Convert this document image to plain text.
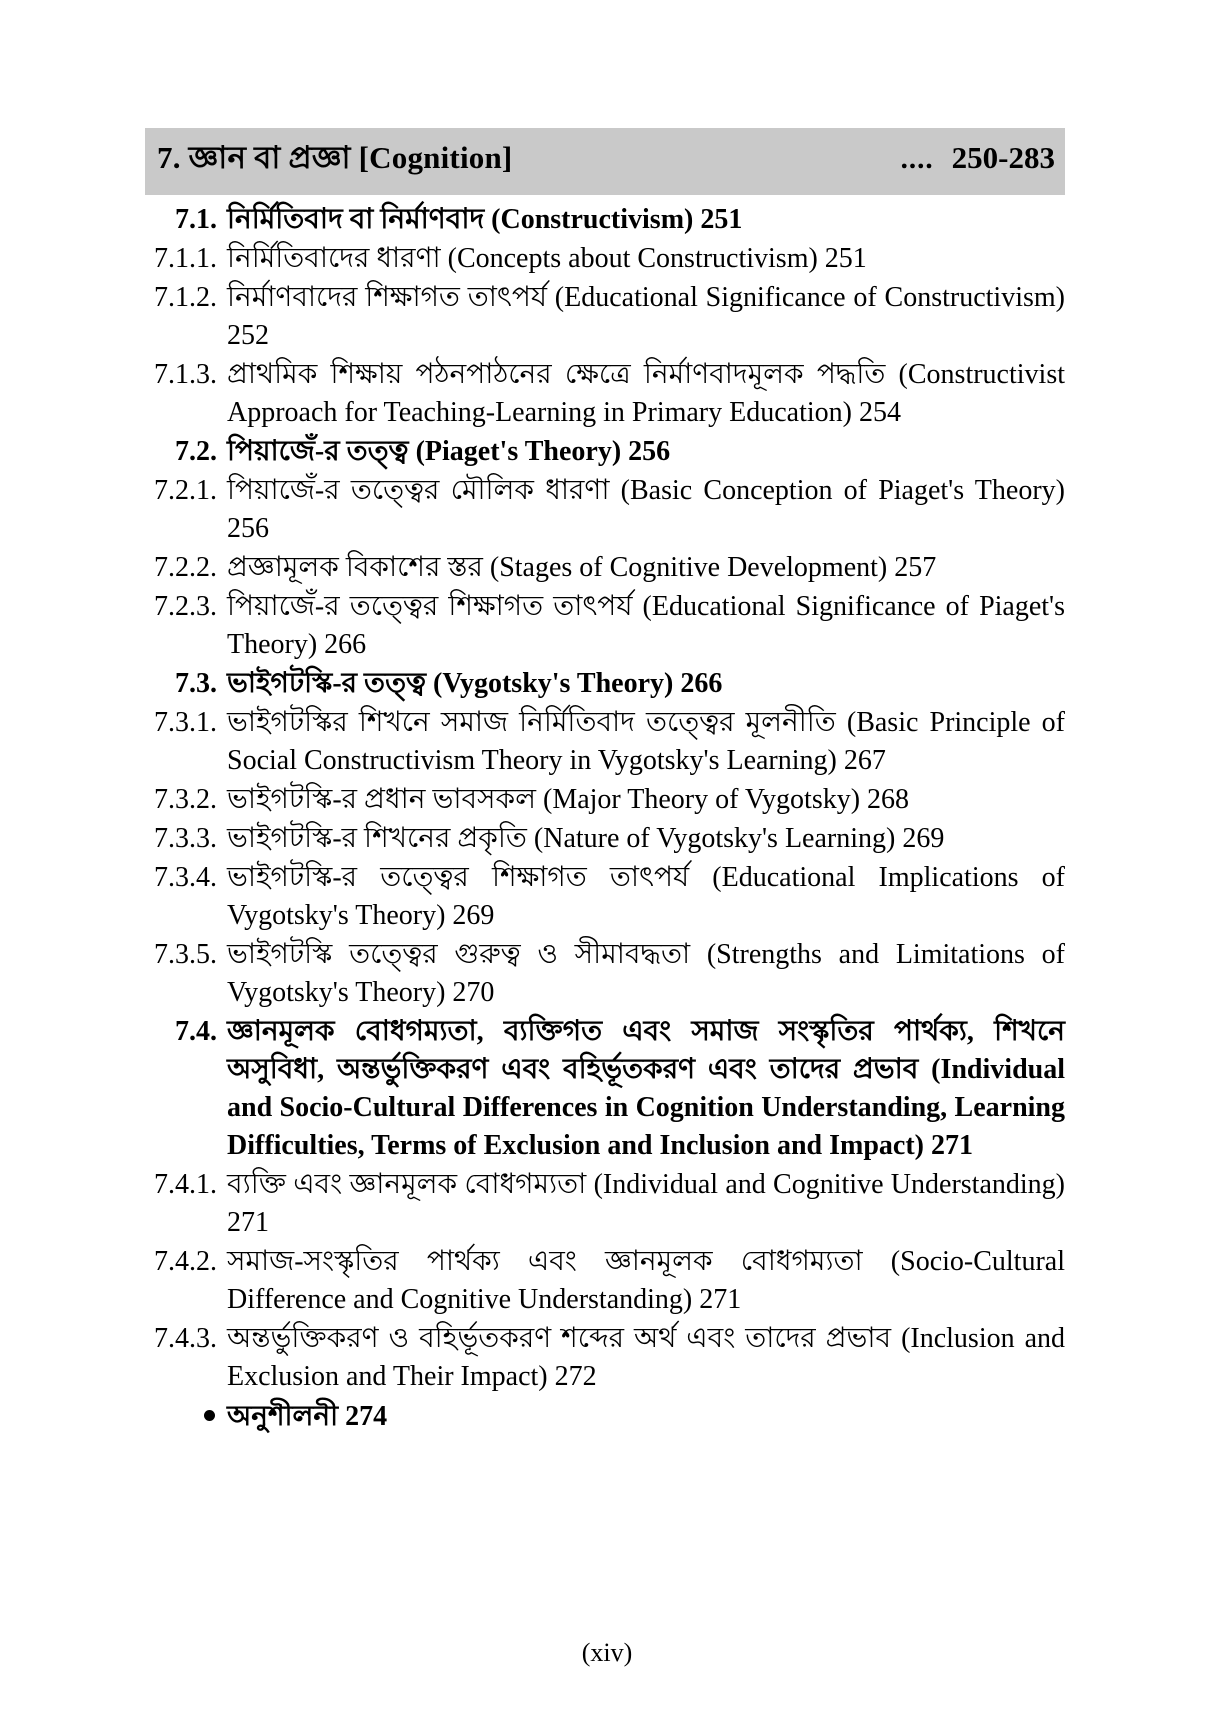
7. জ্ঞান বা প্রজ্ঞা [Cognition]	.... 250-283
7.1. নির্মিতিবাদ বা নির্মাণবাদ (Constructivism) 251
7.1.1. নির্মিতিবাদের ধারণা (Concepts about Constructivism) 251
7.1.2. নির্মাণবাদের শিক্ষাগত তাৎপর্য (Educational Significance of Constructivism) 252
7.1.3. প্রাথমিক শিক্ষায় পঠনপাঠনের ক্ষেত্রে নির্মাণবাদমূলক পদ্ধতি (Constructivist Approach for Teaching-Learning in Primary Education) 254
7.2. পিয়াজেঁ-র তত্ত্ব (Piaget's Theory) 256
7.2.1. পিয়াজেঁ-র তত্ত্বের মৌলিক ধারণা (Basic Conception of Piaget's Theory) 256
7.2.2. প্রজ্ঞামূলক বিকাশের স্তর (Stages of Cognitive Development) 257
7.2.3. পিয়াজেঁ-র তত্ত্বের শিক্ষাগত তাৎপর্য (Educational Significance of Piaget's Theory) 266
7.3. ভাইগটস্কি-র তত্ত্ব (Vygotsky's Theory) 266
7.3.1. ভাইগটস্কির শিখনে সমাজ নির্মিতিবাদ তত্ত্বের মূলনীতি (Basic Principle of Social Constructivism Theory in Vygotsky's Learning) 267
7.3.2. ভাইগটস্কি-র প্রধান ভাবসকল (Major Theory of Vygotsky) 268
7.3.3. ভাইগটস্কি-র শিখনের প্রকৃতি (Nature of Vygotsky's Learning) 269
7.3.4. ভাইগটস্কি-র তত্ত্বের শিক্ষাগত তাৎপর্য (Educational Implications of Vygotsky's Theory) 269
7.3.5. ভাইগটস্কি তত্ত্বের গুরুত্ব ও সীমাবদ্ধতা (Strengths and Limitations of Vygotsky's Theory) 270
7.4. জ্ঞানমূলক বোধগম্যতা, ব্যক্তিগত এবং সমাজ সংস্কৃতির পার্থক্য, শিখনে অসুবিধা, অন্তর্ভুক্তিকরণ এবং বহির্ভূতকরণ এবং তাদের প্রভাব (Individual and Socio-Cultural Differences in Cognition Understanding, Learning Difficulties, Terms of Exclusion and Inclusion and Impact) 271
7.4.1. ব্যক্তি এবং জ্ঞানমূলক বোধগম্যতা (Individual and Cognitive Understanding) 271
7.4.2. সমাজ-সংস্কৃতির পার্থক্য এবং জ্ঞানমূলক বোধগম্যতা (Socio-Cultural Difference and Cognitive Understanding) 271
7.4.3. অন্তর্ভুক্তিকরণ ও বহির্ভূতকরণ শব্দের অর্থ এবং তাদের প্রভাব (Inclusion and Exclusion and Their Impact) 272
অনুশীলনী 274
(xiv)
